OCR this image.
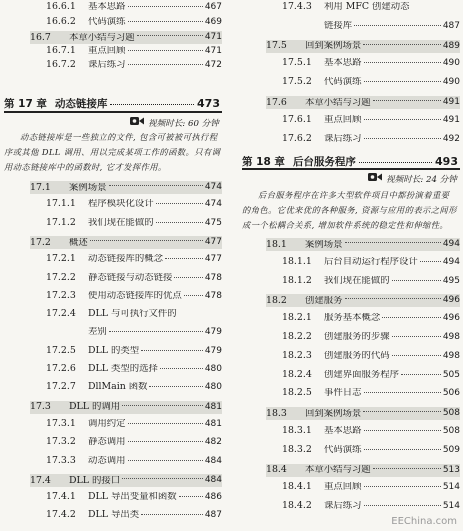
16.6.1	基本思路	467
16.6.2	代码演练	469
16.7	本章小结与习题	471
16.7.1	重点回顾	471
16.7.2	课后练习	472
第 17 章 动态链接库	473
视频时长: 60 分钟
动态链接库是一些独立的文件, 包含可被被可执行程
序或其他 DLL 调用、用以完成某项工作的函数。只有调
用动态链接库中的函数时, 它才发挥作用。
17.1	案例场景	474
17.1.1	程序模块化设计	474
17.1.2	我们现在能做的	475
17.2	概述	477
17.2.1	动态链接库的概念	477
17.2.2	静态链接与动态链接	478
17.2.3	使用动态链接库的优点	478
17.2.4	DLL 与可执行文件的
差别	479
17.2.5	DLL 的类型	479
17.2.6	DLL 类型的选择	480
17.2.7	DllMain 函数	480
17.3	DLL 的调用	481
17.3.1	调用约定	481
17.3.2	静态调用	482
17.3.3	动态调用	484
17.4	DLL 的接口	484
17.4.1	DLL 导出变量和函数	486
17.4.2	DLL 导出类	487
17.4.3	利用 MFC 创建动态
链接库	487
17.5	回到案例场景	489
17.5.1	基本思路	490
17.5.2	代码演练	490
17.6	本章小结与习题	491
17.6.1	重点回顾	491
17.6.2	课后练习	492
第 18 章 后台服务程序	493
视频时长: 24 分钟
后台服务程序在许多大型软件项目中都扮演着重要
的角色。它优来优的各种服务, 资源与应用的表示之间形
成一个松耦合关系, 增加软件系统的稳定性和伸缩性。
18.1	案例场景	494
18.1.1	后台自动运行程序设计	494
18.1.2	我们现在能做的	495
18.2	创建服务	496
18.2.1	服务基本概念	496
18.2.2	创建服务的步骤	498
18.2.3	创建服务的代码	498
18.2.4	创建界面服务程序	505
18.2.5	事件日志	506
18.3	回到案例场景	508
18.3.1	基本思路	508
18.3.2	代码演练	509
18.4	本章小结与习题	513
18.4.1	重点回顾	514
18.4.2	课后练习	514
EEChina.com
